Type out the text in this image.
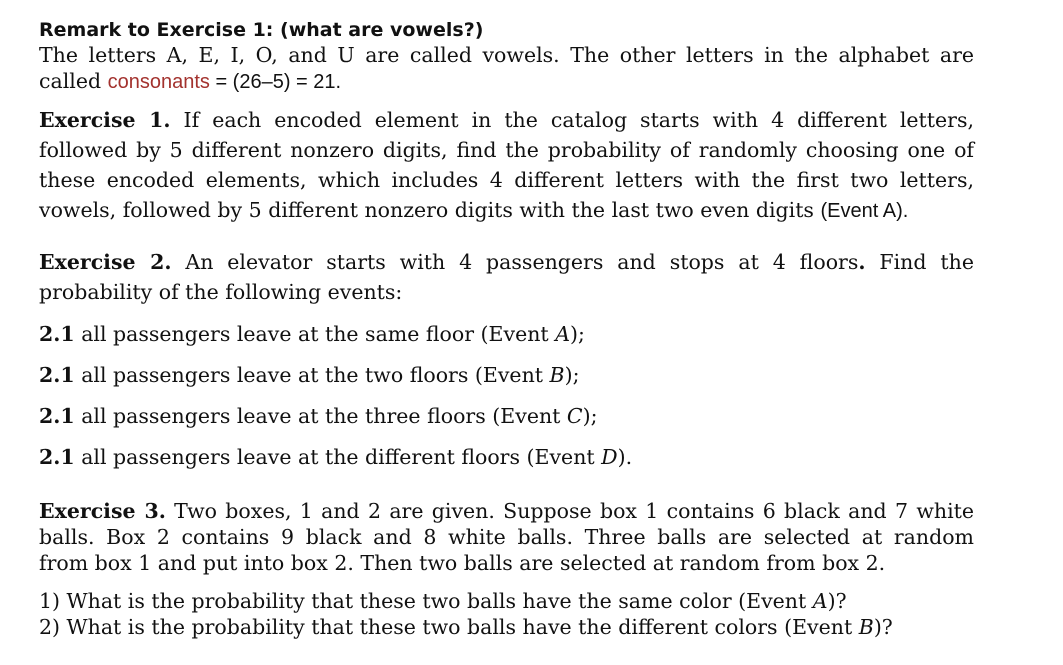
Remark to Exercise 1: (what are vowels?)
The letters A, E, I, O, and U are called vowels. The other letters in the alphabet are
called consonants = (26–5) = 21.
Exercise 1. If each encoded element in the catalog starts with 4 different letters,
followed by 5 different nonzero digits, find the probability of randomly choosing one of
these encoded elements, which includes 4 different letters with the first two letters,
vowels, followed by 5 different nonzero digits with the last two even digits (Event A).
Exercise 2. An elevator starts with 4 passengers and stops at 4 floors. Find the
probability of the following events:
2.1 all passengers leave at the same floor (Event A);
2.1 all passengers leave at the two floors (Event B);
2.1 all passengers leave at the three floors (Event C);
2.1 all passengers leave at the different floors (Event D).
Exercise 3. Two boxes, 1 and 2 are given. Suppose box 1 contains 6 black and 7 white
balls. Box 2 contains 9 black and 8 white balls. Three balls are selected at random
from box 1 and put into box 2. Then two balls are selected at random from box 2.
1) What is the probability that these two balls have the same color (Event A)?
2) What is the probability that these two balls have the different colors (Event B)?
